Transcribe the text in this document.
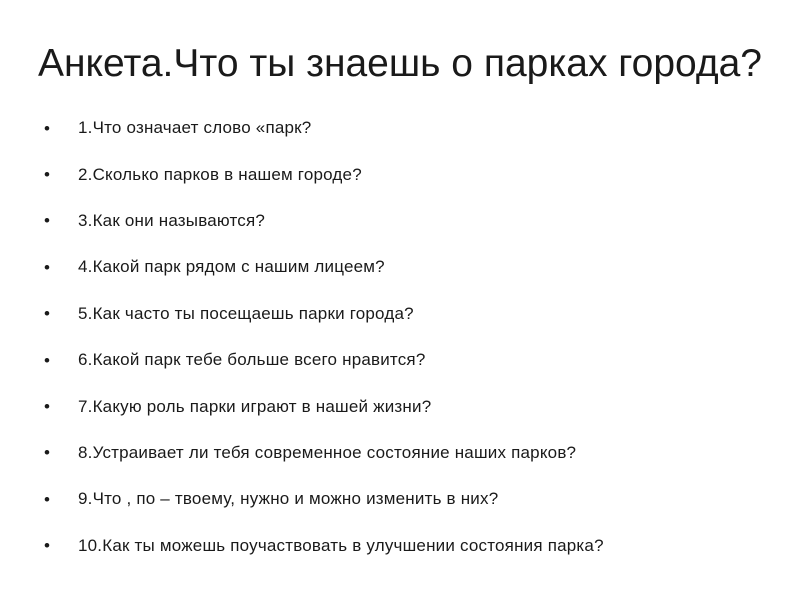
Анкета.Что ты знаешь о парках города?
•	1.Что означает слово «парк?
•	2.Сколько парков в нашем городе?
•	3.Как они называются?
•	4.Какой парк рядом с нашим лицеем?
•	5.Как часто ты посещаешь парки города?
•	6.Какой парк тебе больше всего нравится?
•	7.Какую роль парки играют в нашей жизни?
•	8.Устраивает ли тебя современное состояние наших парков?
•	9.Что , по – твоему, нужно и можно изменить в них?
•	10.Как ты можешь поучаствовать в улучшении состояния парка?
